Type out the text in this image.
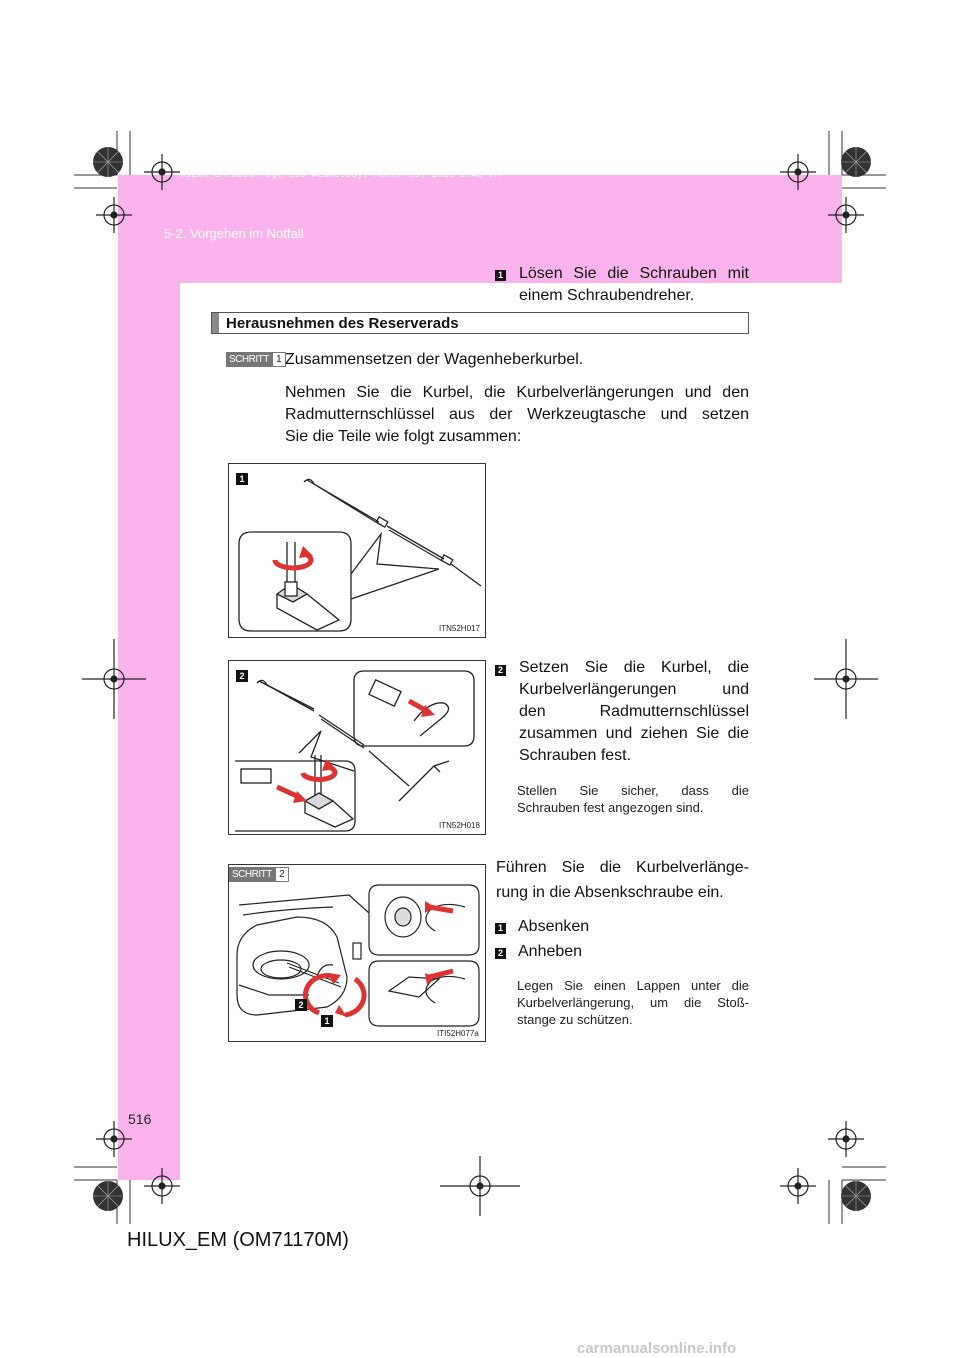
HILUX_EM.book Page 516 Wednesday, March 23, 2011 2:48 PM
5-2. Vorgehen im Notfall
Herausnehmen des Reserverads
SCHRITT 1 Zusammensetzen der Wagenheberkurbel.
Nehmen Sie die Kurbel, die Kurbelverlängerungen und den
Radmutternschlüssel aus der Werkzeugtasche und setzen
Sie die Teile wie folgt zusammen:
1
ITN52H017
1 Lösen Sie die Schrauben mit
einem Schraubendreher.
2
ITN52H018
2 Setzen Sie die Kurbel, die
Kurbelverlängerungen und
den Radmutternschlüssel
zusammen und ziehen Sie die
Schrauben fest.
Stellen Sie sicher, dass die
Schrauben fest angezogen sind.
SCHRITT 2
2
1
ITI52H077a
Führen Sie die Kurbelverlänge-
rung in die Absenkschraube ein.
1 Absenken
2 Anheben
Legen Sie einen Lappen unter die
Kurbelverlängerung, um die Stoß-
stange zu schützen.
516
HILUX_EM (OM71170M)
carmanualsonline.info
